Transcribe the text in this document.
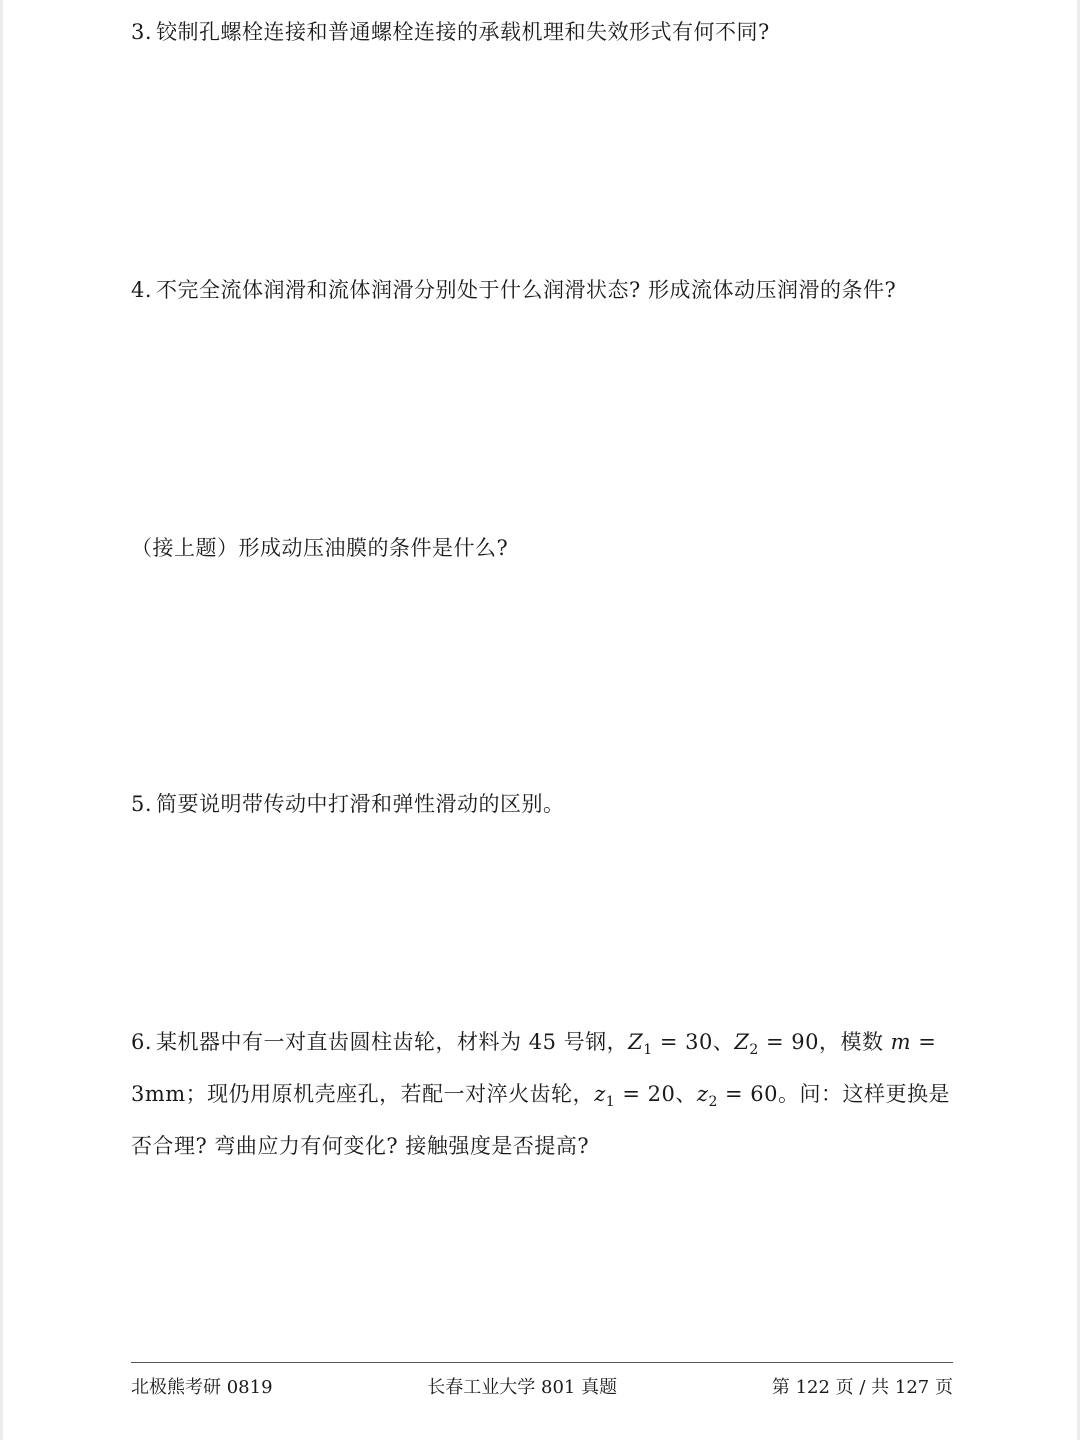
3. 铰制孔螺栓连接和普通螺栓连接的承载机理和失效形式有何不同?
4. 不完全流体润滑和流体润滑分别处于什么润滑状态? 形成流体动压润滑的条件?
（接上题）形成动压油膜的条件是什么?
5. 简要说明带传动中打滑和弹性滑动的区别。
6. 某机器中有一对直齿圆柱齿轮，材料为 45 号钢，$Z_1 = 30$、$Z_2 = 90$，模数 m =
3mm；现仍用原机壳座孔，若配一对淬火齿轮，$z_1 = 20$、$z_2 = 60$。问：这样更换是
否合理? 弯曲应力有何变化? 接触强度是否提高?
北极熊考研 0819	长春工业大学 801 真题	第 122 页 / 共 127 页
